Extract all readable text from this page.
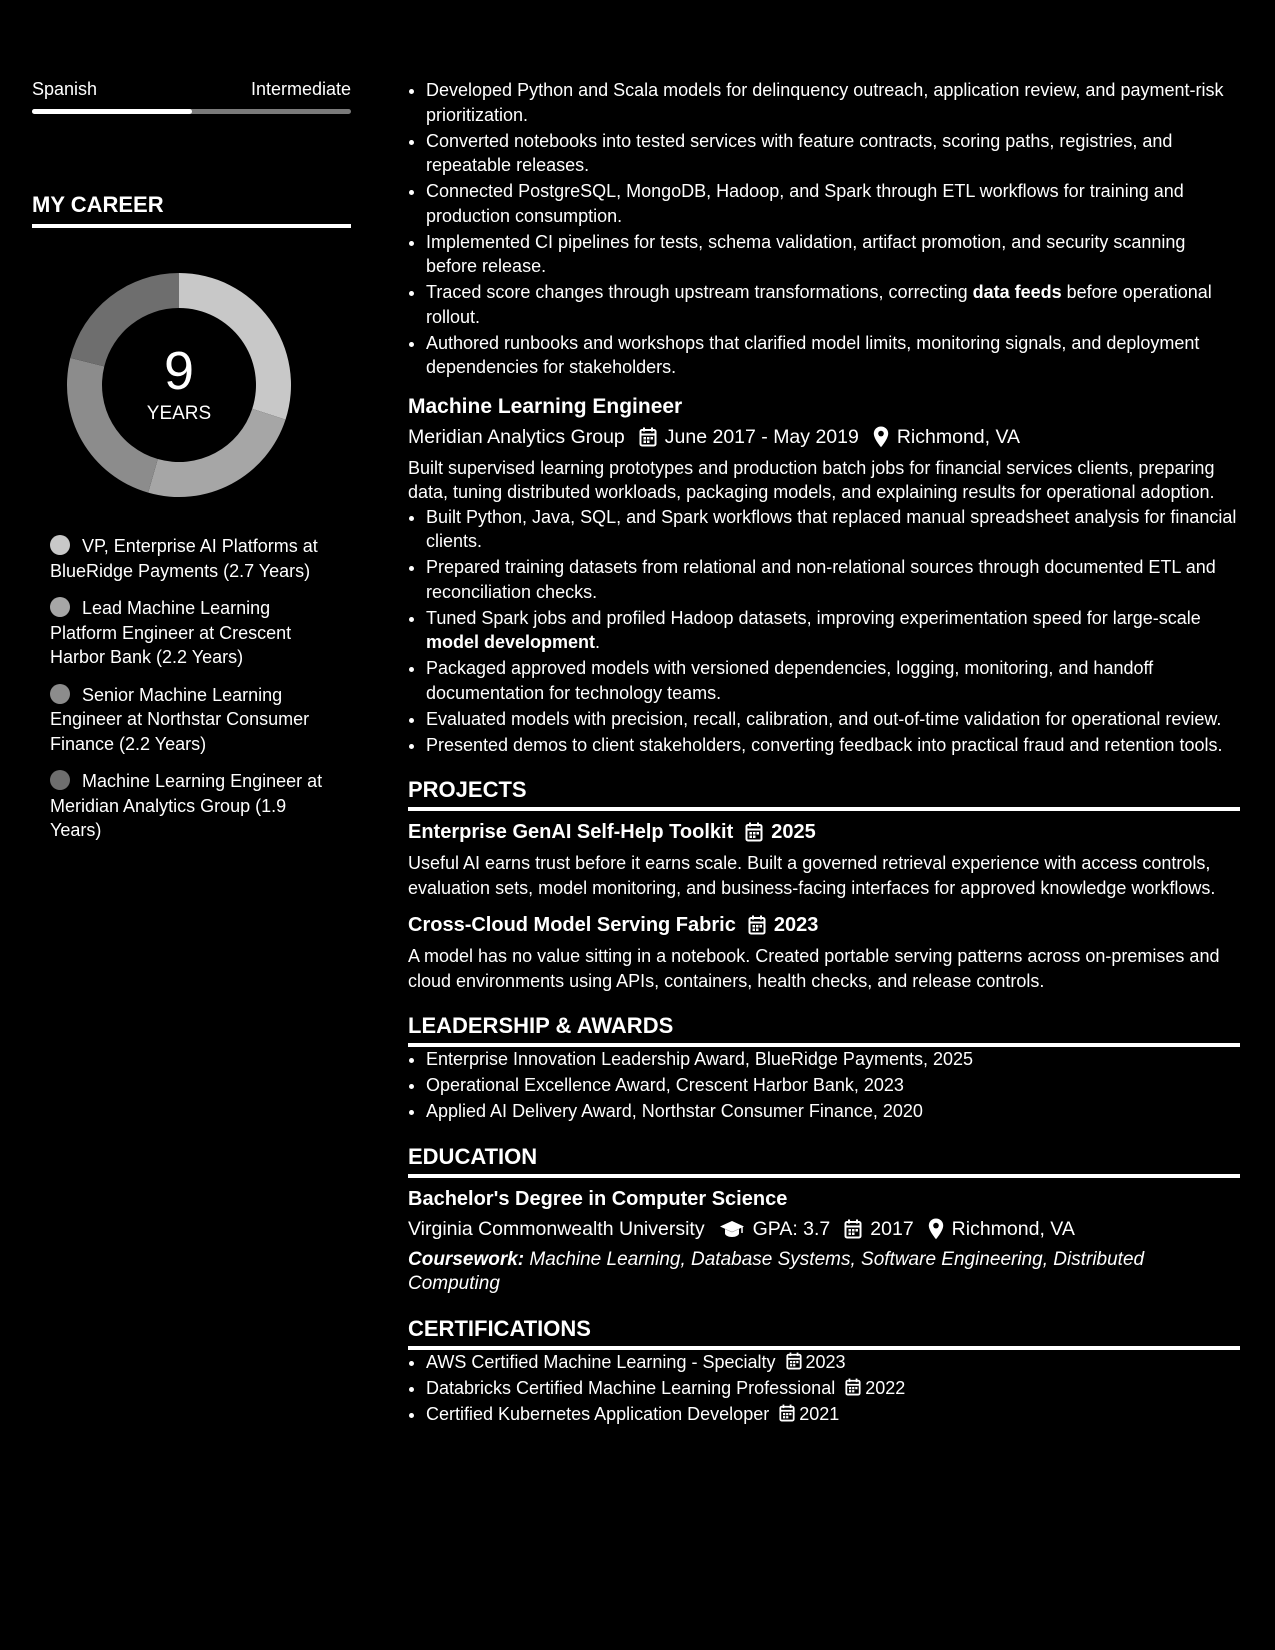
Spanish	Intermediate
MY CAREER
9
YEARS
VP, Enterprise AI Platforms at BlueRidge Payments (2.7 Years)
Lead Machine Learning Platform Engineer at Crescent Harbor Bank (2.2 Years)
Senior Machine Learning Engineer at Northstar Consumer Finance (2.2 Years)
Machine Learning Engineer at Meridian Analytics Group (1.9 Years)
• Developed Python and Scala models for delinquency outreach, application review, and payment-risk prioritization.
• Converted notebooks into tested services with feature contracts, scoring paths, registries, and repeatable releases.
• Connected PostgreSQL, MongoDB, Hadoop, and Spark through ETL workflows for training and production consumption.
• Implemented CI pipelines for tests, schema validation, artifact promotion, and security scanning before release.
• Traced score changes through upstream transformations, correcting data feeds before operational rollout.
• Authored runbooks and workshops that clarified model limits, monitoring signals, and deployment dependencies for stakeholders.
Machine Learning Engineer
Meridian Analytics Group June 2017 - May 2019 Richmond, VA
Built supervised learning prototypes and production batch jobs for financial services clients, preparing data, tuning distributed workloads, packaging models, and explaining results for operational adoption.
• Built Python, Java, SQL, and Spark workflows that replaced manual spreadsheet analysis for financial clients.
• Prepared training datasets from relational and non-relational sources through documented ETL and reconciliation checks.
• Tuned Spark jobs and profiled Hadoop datasets, improving experimentation speed for large-scale model development.
• Packaged approved models with versioned dependencies, logging, monitoring, and handoff documentation for technology teams.
• Evaluated models with precision, recall, calibration, and out-of-time validation for operational review.
• Presented demos to client stakeholders, converting feedback into practical fraud and retention tools.
PROJECTS
Enterprise GenAI Self-Help Toolkit 2025
Useful AI earns trust before it earns scale. Built a governed retrieval experience with access controls, evaluation sets, model monitoring, and business-facing interfaces for approved knowledge workflows.
Cross-Cloud Model Serving Fabric 2023
A model has no value sitting in a notebook. Created portable serving patterns across on-premises and cloud environments using APIs, containers, health checks, and release controls.
LEADERSHIP & AWARDS
• Enterprise Innovation Leadership Award, BlueRidge Payments, 2025
• Operational Excellence Award, Crescent Harbor Bank, 2023
• Applied AI Delivery Award, Northstar Consumer Finance, 2020
EDUCATION
Bachelor's Degree in Computer Science
Virginia Commonwealth University GPA: 3.7 2017 Richmond, VA
Coursework: Machine Learning, Database Systems, Software Engineering, Distributed Computing
CERTIFICATIONS
• AWS Certified Machine Learning - Specialty 2023
• Databricks Certified Machine Learning Professional 2022
• Certified Kubernetes Application Developer 2021
